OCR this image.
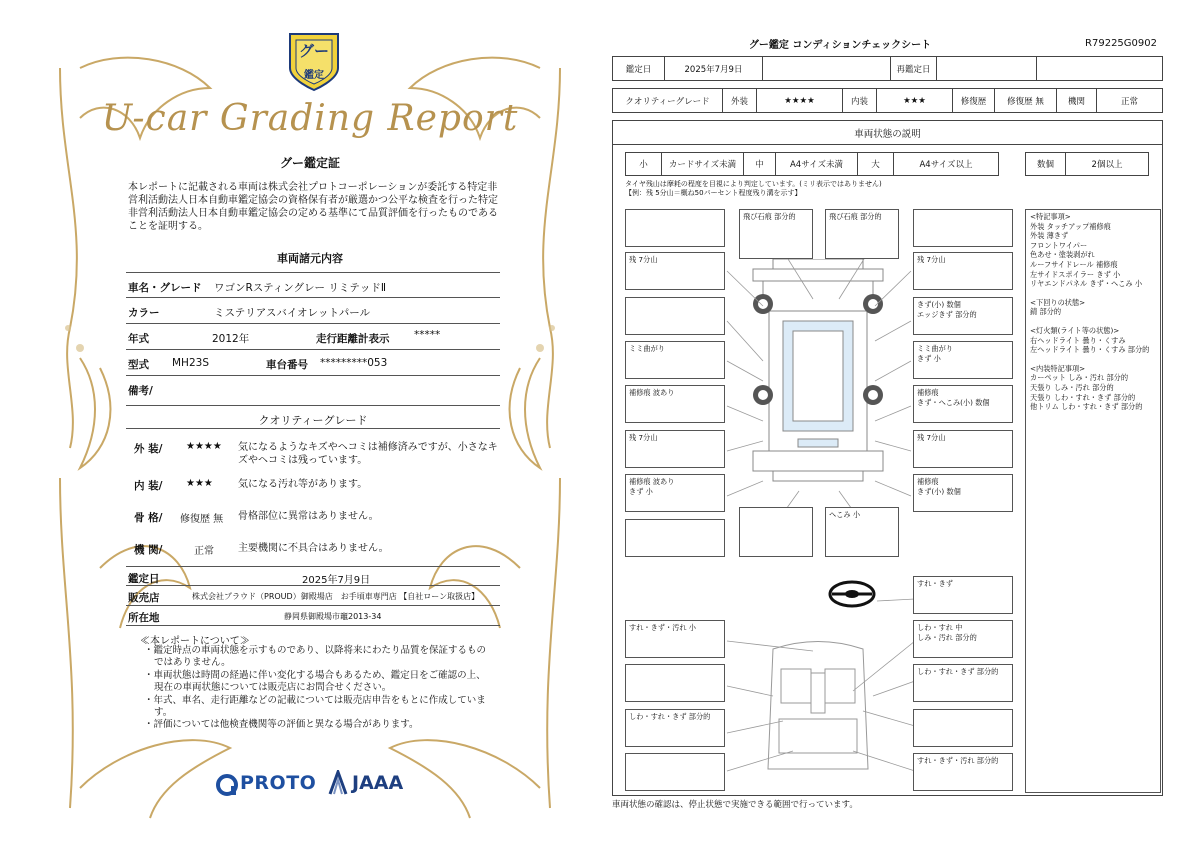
グー
鑑定
U-car Grading Report
グー鑑定証
本レポートに記載される車両は株式会社プロトコーポレーションが委託する特定非営利活動法人日本自動車鑑定協会の資格保有者が厳選かつ公平な検査を行った特定非営利活動法人日本自動車鑑定協会の定める基準にて品質評価を行ったものであることを証明する。
車両諸元内容
車名・グレード ワゴンRスティングレー リミテッドⅡ
カラー	ミステリアスバイオレットパール
年式	2012年	走行距離計表示 *****
型式 MH23S	車台番号 *********053
備考/
クオリティーグレード
外 装/ ★★★★ 気になるようなキズやヘコミは補修済みですが、小さなキズやヘコミは残っています。
内 装/ ★★★	気になる汚れ等があります。
骨 格/ 修復歴 無 骨格部位に異常はありません。
機 関/	正常 主要機関に不具合はありません。
鑑定日	2025年7月9日
販売店	株式会社プラウド（PROUD）御殿場店　お手頃車専門店 【自社ローン取扱店】
所在地	静岡県御殿場市竈2013-34
≪本レポートについて≫
・鑑定時点の車両状態を示すものであり、以降将来にわたり品質を保証するものではありません。
・車両状態は時間の経過に伴い変化する場合もあるため、鑑定日をご確認の上、現在の車両状態については販売店にお問合せください。
・年式、車名、走行距離などの記載については販売店申告をもとに作成しています。
・評価については他検査機関等の評価と異なる場合があります。
PROTO JAAA
グー鑑定 コンディションチェックシート	R79225G0902
鑑定日	2025年7月9日	再鑑定日
クオリティーグレード	外装	★★★★	内装	★★★	修復歴	修復歴 無	機関	正常
車両状態の説明
小	カードサイズ未満	中	A4サイズ未満	大	A4サイズ以上	数個	2個以上
タイヤ残山は摩耗の程度を目視により判定しています。(ミリ表示ではありません)
【例：残 5分山＝概ね50パーセント程度残り溝を示す】
飛び石痕 部分的	飛び石痕 部分的
残 7分山	残 7分山
きず(小) 数個
エッジきず 部分的
ミミ曲がり	ミミ曲がり
きず 小
補修痕 波あり	補修痕
きず・へこみ(小) 数個
残 7分山	残 7分山
補修痕 波あり
きず 小
補修痕
きず(小) 数個
へこみ 小
すれ・きず
すれ・きず・汚れ 小	しわ・すれ 中
しみ・汚れ 部分的
しわ・すれ・きず 部分的
しわ・すれ・きず 部分的
すれ・きず・汚れ 部分的
<特記事項>
外装 タッチアップ補修痕
外装 薄きず
フロントワイパー
色あせ・塗装剥がれ
ルーフサイドレール 補修痕
左サイドスポイラー きず 小
リヤエンドパネル きず・へこみ 小
<下回りの状態>
錆 部分的
<灯火類(ライト等の状態)>
右ヘッドライト 曇り・くすみ
左ヘッドライト 曇り・くすみ 部分的
<内装特記事項>
カーペット しみ・汚れ 部分的
天張り しみ・汚れ 部分的
天張り しわ・すれ・きず 部分的
他トリム しわ・すれ・きず 部分的
車両状態の確認は、停止状態で実施できる範囲で行っています。
